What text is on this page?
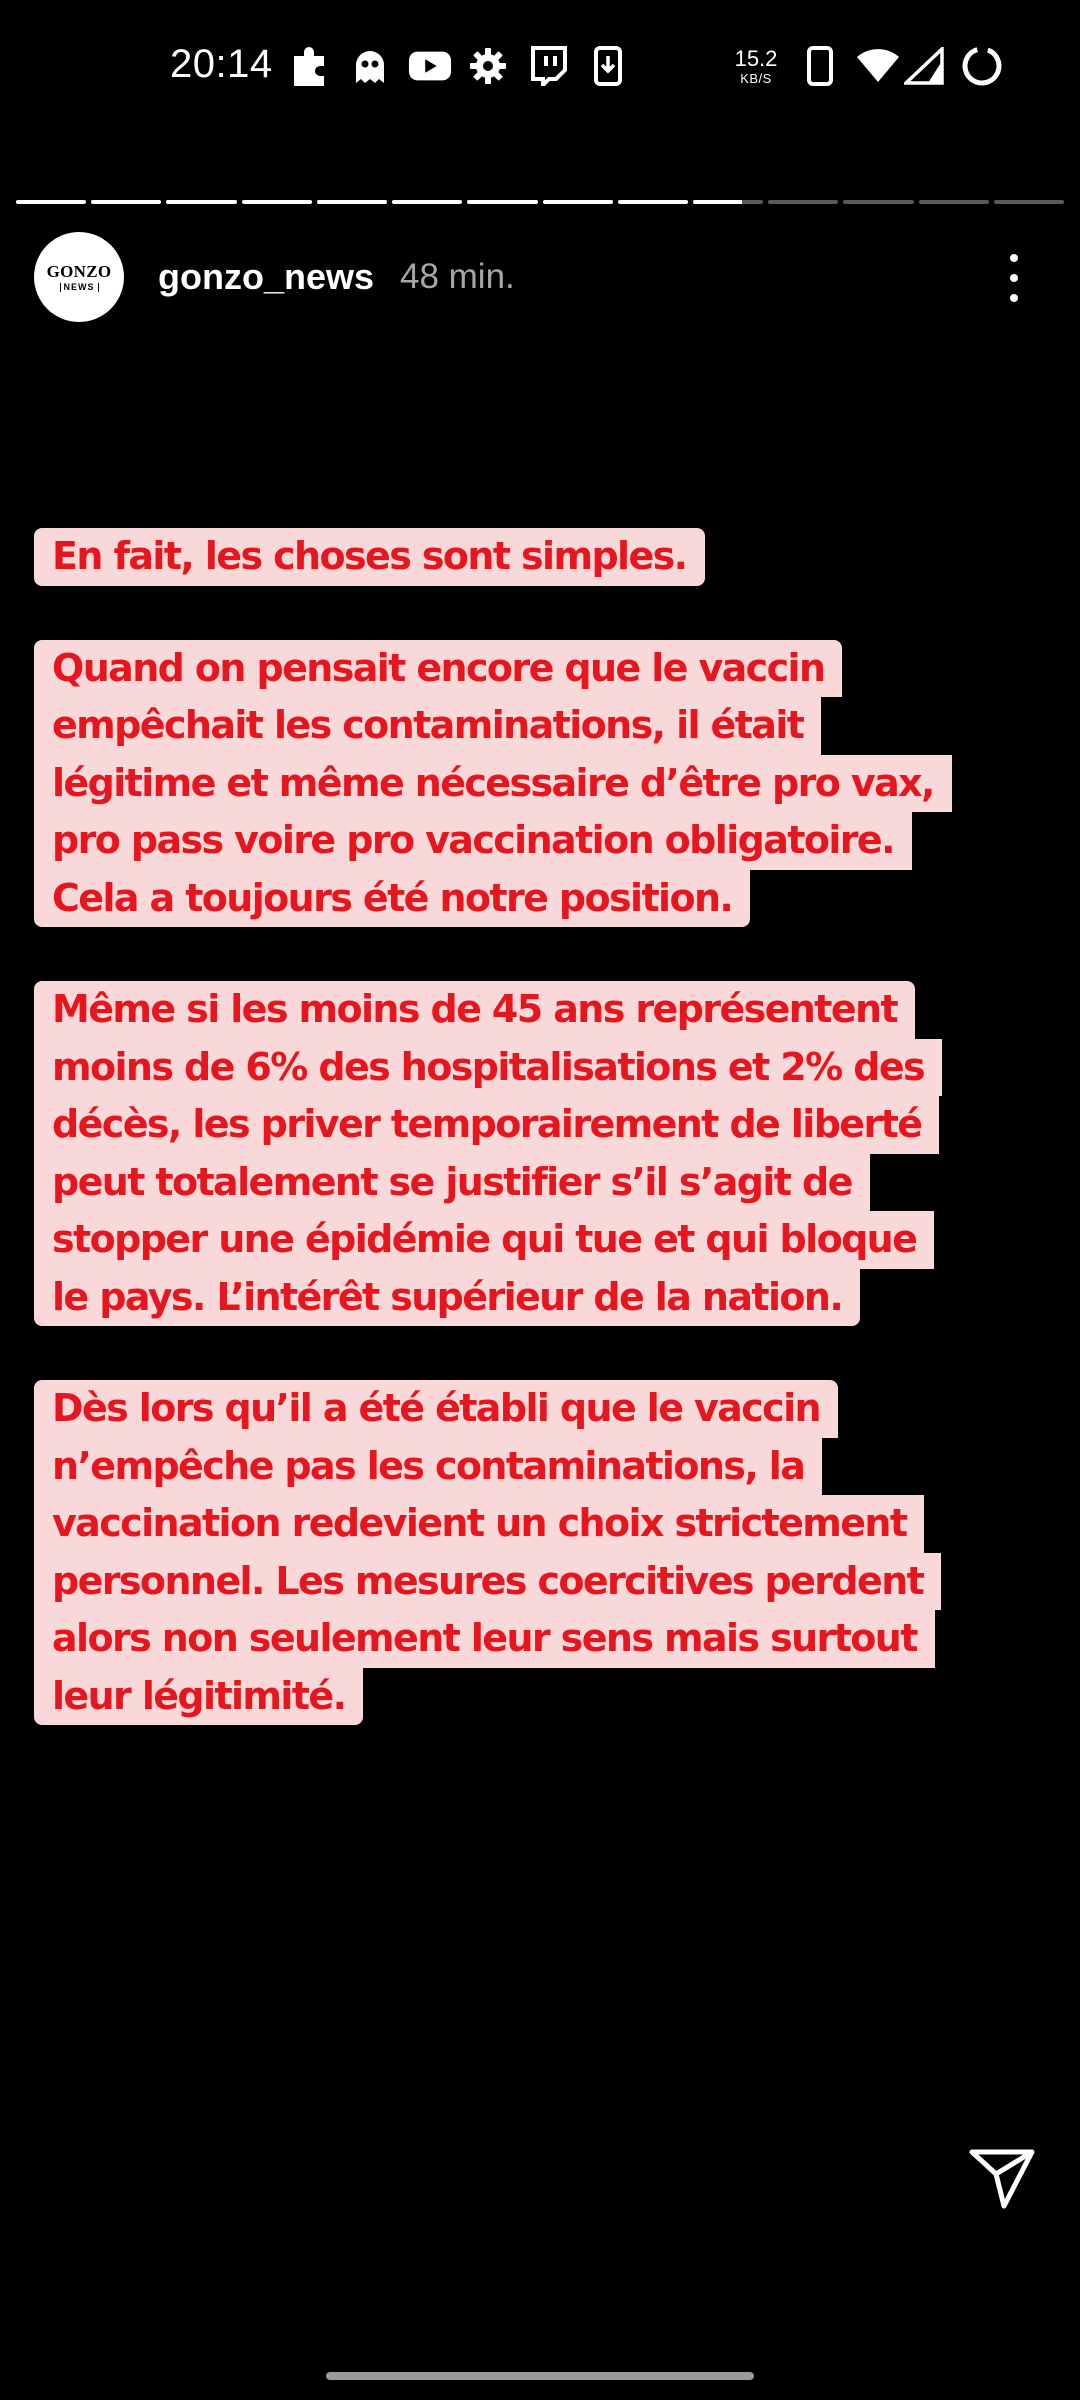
20:14	15.2
KB/S
GONZO
NEWS gonzo_news 48 min.
En fait, les choses sont simples.
Quand on pensait encore que le vaccin
empêchait les contaminations, il était
légitime et même nécessaire d’être pro vax,
pro pass voire pro vaccination obligatoire.
Cela a toujours été notre position.
Même si les moins de 45 ans représentent
moins de 6% des hospitalisations et 2% des
décès, les priver temporairement de liberté
peut totalement se justifier s’il s’agit de
stopper une épidémie qui tue et qui bloque
le pays. L’intérêt supérieur de la nation.
Dès lors qu’il a été établi que le vaccin
n’empêche pas les contaminations, la
vaccination redevient un choix strictement
personnel. Les mesures coercitives perdent
alors non seulement leur sens mais surtout
leur légitimité.
